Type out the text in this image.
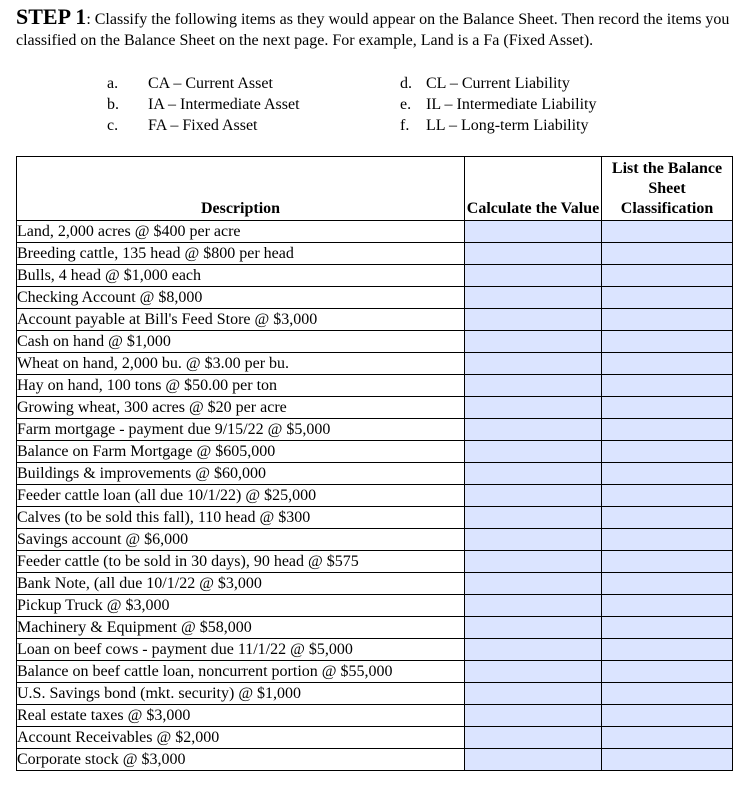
STEP 1: Classify the following items as they would appear on the Balance Sheet. Then record the items you classified on the Balance Sheet on the next page. For example, Land is a Fa (Fixed Asset).
a. CA – Current Asset	d. CL – Current Liability
b. IA – Intermediate Asset	e. IL – Intermediate Liability
c. FA – Fixed Asset	f. LL – Long-term Liability
Description	Calculate the Value	List the Balance Sheet Classification
Land, 2,000 acres @ $400 per acre		
Breeding cattle, 135 head @ $800 per head		
Bulls, 4 head @ $1,000 each		
Checking Account @ $8,000		
Account payable at Bill's Feed Store @ $3,000		
Cash on hand @ $1,000		
Wheat on hand, 2,000 bu. @ $3.00 per bu.		
Hay on hand, 100 tons @ $50.00 per ton		
Growing wheat, 300 acres @ $20 per acre		
Farm mortgage - payment due 9/15/22 @ $5,000		
Balance on Farm Mortgage @ $605,000		
Buildings & improvements @ $60,000		
Feeder cattle loan (all due 10/1/22) @ $25,000		
Calves (to be sold this fall), 110 head @ $300		
Savings account @ $6,000		
Feeder cattle (to be sold in 30 days), 90 head @ $575		
Bank Note, (all due 10/1/22 @ $3,000		
Pickup Truck @ $3,000		
Machinery & Equipment @ $58,000		
Loan on beef cows - payment due 11/1/22 @ $5,000		
Balance on beef cattle loan, noncurrent portion @ $55,000		
U.S. Savings bond (mkt. security) @ $1,000		
Real estate taxes @ $3,000		
Account Receivables @ $2,000		
Corporate stock @ $3,000		
